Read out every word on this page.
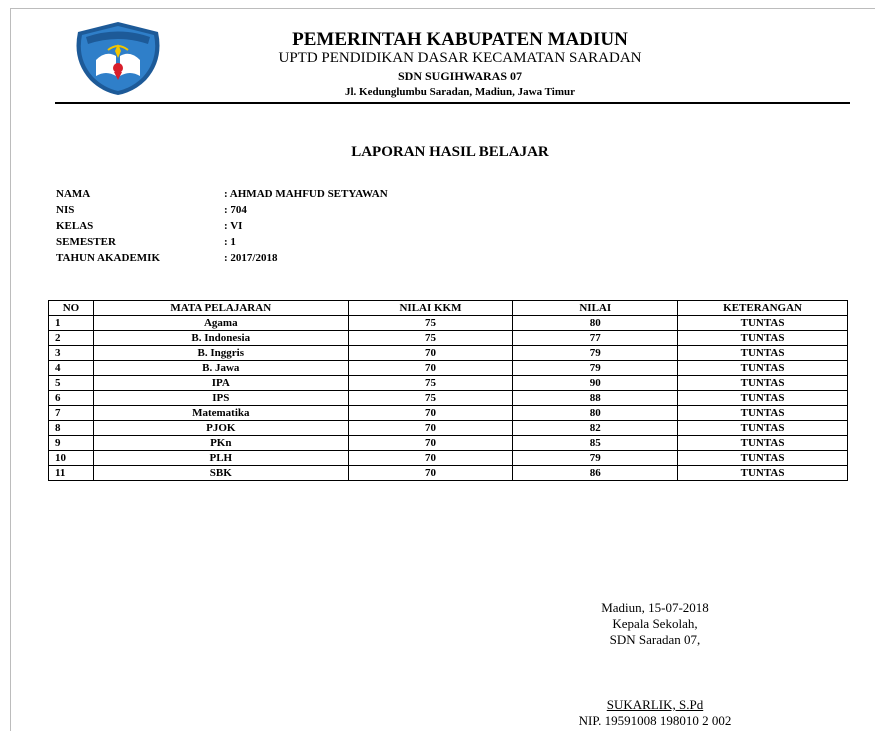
PEMERINTAH KABUPATEN MADIUN
UPTD PENDIDIKAN DASAR KECAMATAN SARADAN
SDN SUGIHWARAS 07
Jl. Kedunglumbu Saradan, Madiun, Jawa Timur
LAPORAN HASIL BELAJAR
NAMA	: AHMAD MAHFUD SETYAWAN
NIS	: 704
KELAS	: VI
SEMESTER	: 1
TAHUN AKADEMIK	: 2017/2018
NO	MATA PELAJARAN	NILAI KKM	NILAI	KETERANGAN
1	Agama	75	80	TUNTAS
2	B. Indonesia	75	77	TUNTAS
3	B. Inggris	70	79	TUNTAS
4	B. Jawa	70	79	TUNTAS
5	IPA	75	90	TUNTAS
6	IPS	75	88	TUNTAS
7	Matematika	70	80	TUNTAS
8	PJOK	70	82	TUNTAS
9	PKn	70	85	TUNTAS
10	PLH	70	79	TUNTAS
11	SBK	70	86	TUNTAS
Madiun, 15-07-2018
Kepala Sekolah,
SDN Saradan 07,
SUKARLIK, S.Pd
NIP. 19591008 198010 2 002
